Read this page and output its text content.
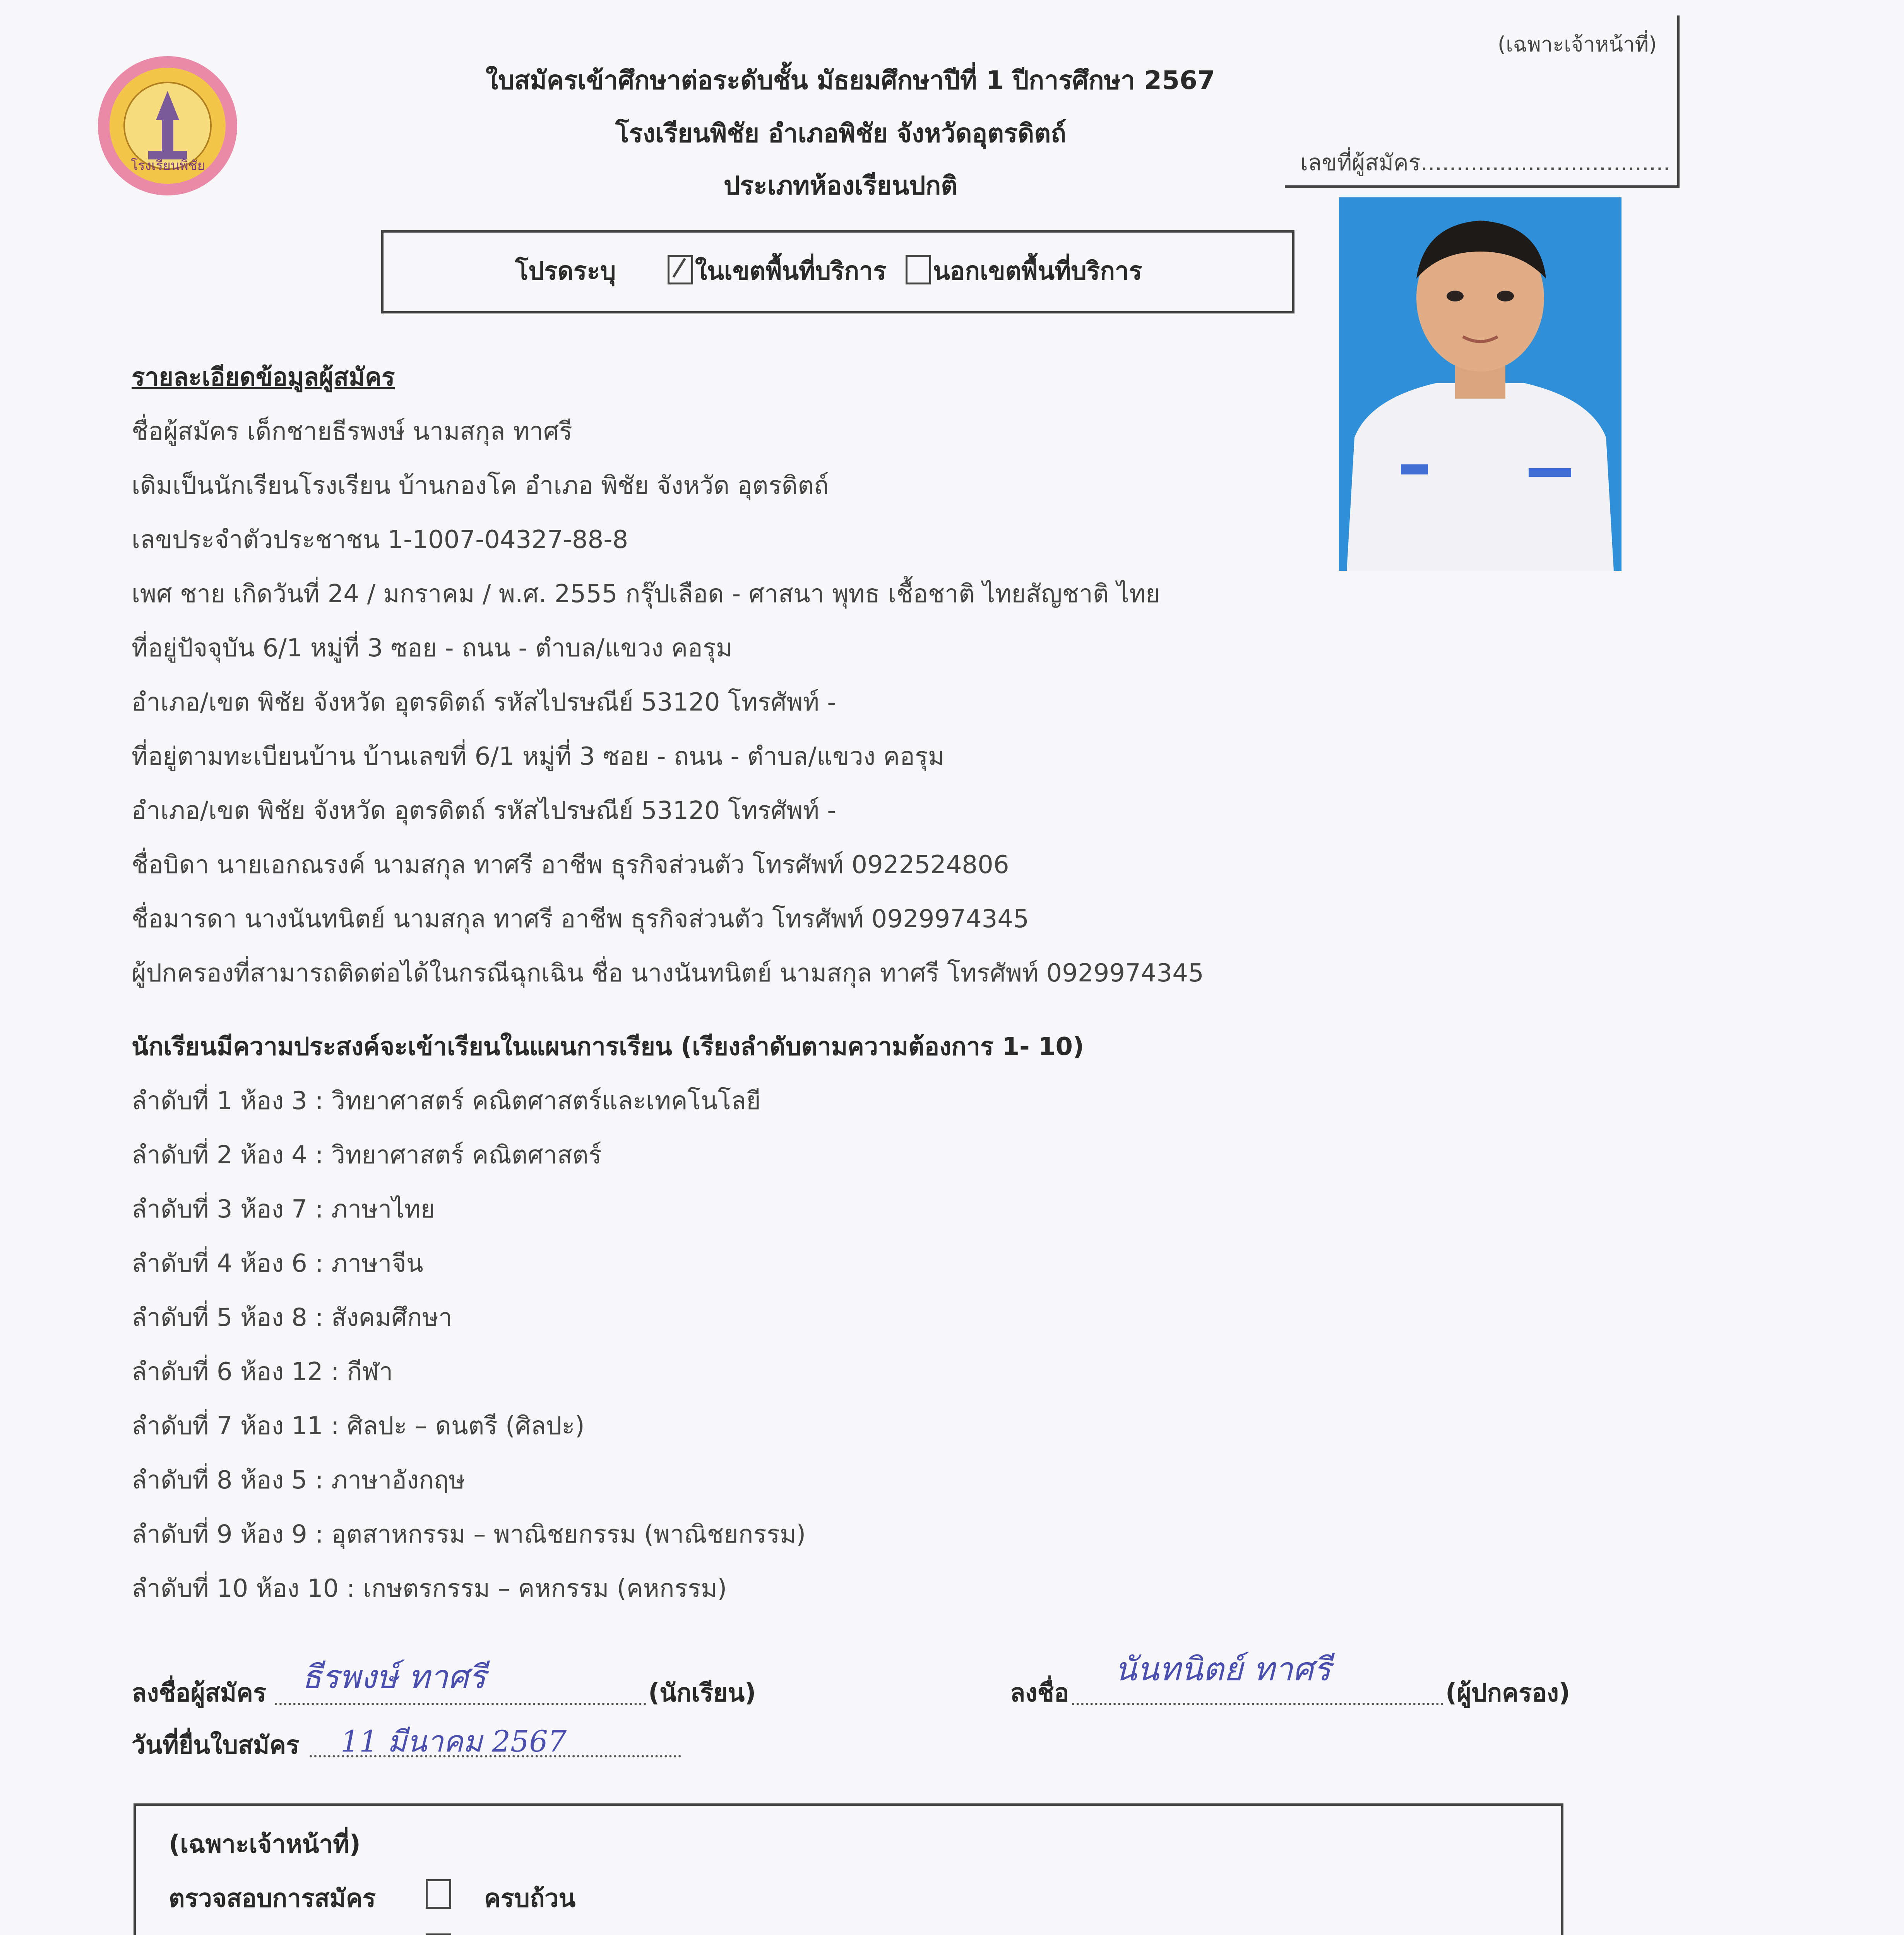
โรงเรียนพิชัย
ใบสมัครเข้าศึกษาต่อระดับชั้น มัธยมศึกษาปีที่ 1 ปีการศึกษา 2567
โรงเรียนพิชัย อำเภอพิชัย จังหวัดอุตรดิตถ์
ประเภทห้องเรียนปกติ
(เฉพาะเจ้าหน้าที่)
เลขที่ผู้สมัคร...................................
โปรดระบุ	ในเขตพื้นที่บริการ นอกเขตพื้นที่บริการ
รายละเอียดข้อมูลผู้สมัคร
ชื่อผู้สมัคร เด็กชายธีรพงษ์ นามสกุล ทาศรี
เดิมเป็นนักเรียนโรงเรียน บ้านกองโค อำเภอ พิชัย จังหวัด อุตรดิตถ์
เลขประจำตัวประชาชน 1-1007-04327-88-8
เพศ ชาย เกิดวันที่ 24 / มกราคม / พ.ศ. 2555 กรุ๊ปเลือด - ศาสนา พุทธ เชื้อชาติ ไทยสัญชาติ ไทย
ที่อยู่ปัจจุบัน 6/1 หมู่ที่ 3 ซอย - ถนน - ตำบล/แขวง คอรุม
อำเภอ/เขต พิชัย จังหวัด อุตรดิตถ์ รหัสไปรษณีย์ 53120 โทรศัพท์ -
ที่อยู่ตามทะเบียนบ้าน บ้านเลขที่ 6/1 หมู่ที่ 3 ซอย - ถนน - ตำบล/แขวง คอรุม
อำเภอ/เขต พิชัย จังหวัด อุตรดิตถ์ รหัสไปรษณีย์ 53120 โทรศัพท์ -
ชื่อบิดา นายเอกณรงค์ นามสกุล ทาศรี อาชีพ ธุรกิจส่วนตัว โทรศัพท์ 0922524806
ชื่อมารดา นางนันทนิตย์ นามสกุล ทาศรี อาชีพ ธุรกิจส่วนตัว โทรศัพท์ 0929974345
ผู้ปกครองที่สามารถติดต่อได้ในกรณีฉุกเฉิน ชื่อ นางนันทนิตย์ นามสกุล ทาศรี โทรศัพท์ 0929974345
นักเรียนมีความประสงค์จะเข้าเรียนในแผนการเรียน (เรียงลำดับตามความต้องการ 1- 10)
ลำดับที่ 1 ห้อง 3 : วิทยาศาสตร์ คณิตศาสตร์และเทคโนโลยี
ลำดับที่ 2 ห้อง 4 : วิทยาศาสตร์ คณิตศาสตร์
ลำดับที่ 3 ห้อง 7 : ภาษาไทย
ลำดับที่ 4 ห้อง 6 : ภาษาจีน
ลำดับที่ 5 ห้อง 8 : สังคมศึกษา
ลำดับที่ 6 ห้อง 12 : กีฬา
ลำดับที่ 7 ห้อง 11 : ศิลปะ – ดนตรี (ศิลปะ)
ลำดับที่ 8 ห้อง 5 : ภาษาอังกฤษ
ลำดับที่ 9 ห้อง 9 : อุตสาหกรรม – พาณิชยกรรม (พาณิชยกรรม)
ลำดับที่ 10 ห้อง 10 : เกษตรกรรม – คหกรรม (คหกรรม)
ลงชื่อผู้สมัคร ธีรพงษ์ ทาศรี	(นักเรียน)
วันที่ยื่นใบสมัคร 11 มีนาคม 2567
ลงชื่อ
นันทนิตย์ ทาศรี
(ผู้ปกครอง)
(เฉพาะเจ้าหน้าที่)
ตรวจสอบการสมัคร	ครบถ้วน
